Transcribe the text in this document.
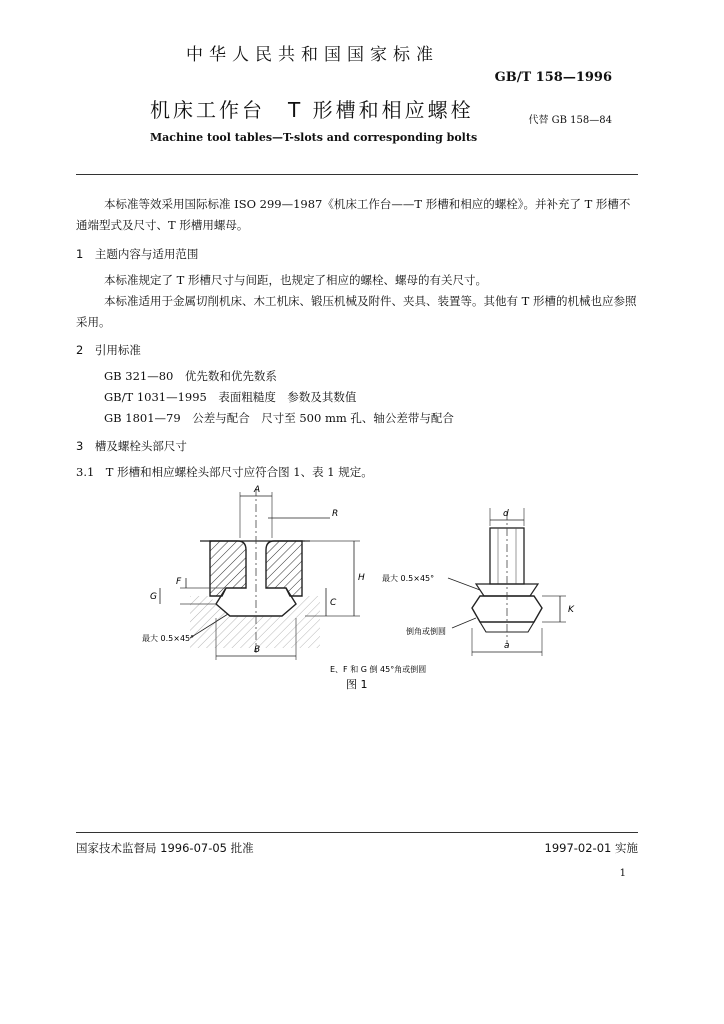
中华人民共和国国家标准
GB/T 158—1996
机床工作台　T 形槽和相应螺栓	代替 GB 158—84
Machine tool tables—T-slots and corresponding bolts

本标准等效采用国际标准 ISO 299—1987《机床工作台——T 形槽和相应的螺栓》。并补充了 T 形槽不通端型式及尺寸、T 形槽用螺母。

1　主题内容与适用范围

本标准规定了 T 形槽尺寸与间距，也规定了相应的螺栓、螺母的有关尺寸。

本标准适用于金属切削机床、木工机床、锻压机械及附件、夹具、装置等。其他有 T 形槽的机械也应参照采用。

2　引用标准
GB 321—80　优先数和优先数系
GB/T 1031—1995　表面粗糙度　参数及其数值
GB 1801—79　公差与配合　尺寸至 500 mm 孔、轴公差带与配合
3　槽及螺栓头部尺寸
3.1　T 形槽和相应螺栓头部尺寸应符合图 1、表 1 规定。
A
R
H
C
F
G
B
最大 0.5×45°
d
K
a
最大 0.5×45°
倒角或倒圆
E、F 和 G 倒 45°角或倒圆
图 1
国家技术监督局 1996-07-05 批准	1997-02-01 实施
1
